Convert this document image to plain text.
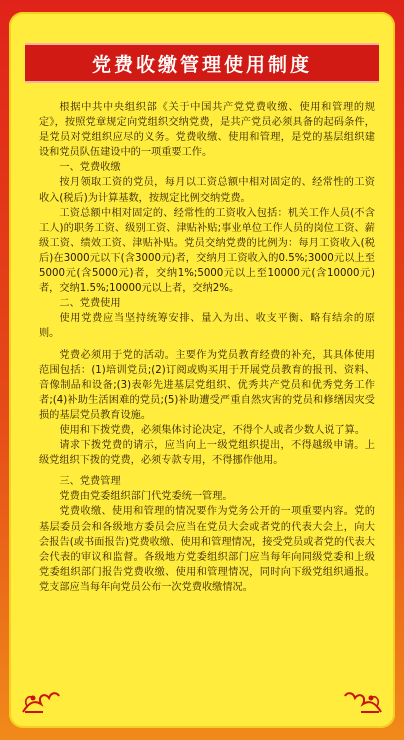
党费收缴管理使用制度

根据中共中央组织部《关于中国共产党党费收缴、使用和管理的规定》，按照党章规定向党组织交纳党费，是共产党员必须具备的起码条件，是党员对党组织应尽的义务。党费收缴、使用和管理，是党的基层组织建设和党员队伍建设中的一项重要工作。

一、党费收缴

按月领取工资的党员，每月以工资总额中相对固定的、经常性的工资收入(税后)为计算基数，按规定比例交纳党费。

工资总额中相对固定的、经常性的工资收入包括：机关工作人员(不含工人)的职务工资、级别工资、津贴补贴;事业单位工作人员的岗位工资、薪级工资、绩效工资、津贴补贴。党员交纳党费的比例为：每月工资收入(税后)在3000元以下(含3000元)者，交纳月工资收入的0.5%;3000元以上至5000元(含5000元)者，交纳1%;5000元以上至10000元(含10000元)者，交纳1.5%;10000元以上者，交纳2%。

二、党费使用

使用党费应当坚持统筹安排、量入为出、收支平衡、略有结余的原则。

党费必须用于党的活动。主要作为党员教育经费的补充，其具体使用范围包括：(1)培训党员;(2)订阅或购买用于开展党员教育的报刊、资料、音像制品和设备;(3)表彰先进基层党组织、优秀共产党员和优秀党务工作者;(4)补助生活困难的党员;(5)补助遭受严重自然灾害的党员和修缮因灾受损的基层党员教育设施。

使用和下拨党费，必须集体讨论决定，不得个人或者少数人说了算。

请求下拨党费的请示，应当向上一级党组织提出，不得越级申请。上级党组织下拨的党费，必须专款专用，不得挪作他用。

三、党费管理

党费由党委组织部门代党委统一管理。

党费收缴、使用和管理的情况要作为党务公开的一项重要内容。党的基层委员会和各级地方委员会应当在党员大会或者党的代表大会上，向大会报告(或书面报告)党费收缴、使用和管理情况，接受党员或者党的代表大会代表的审议和监督。各级地方党委组织部门应当每年向同级党委和上级党委组织部门报告党费收缴、使用和管理情况，同时向下级党组织通报。党支部应当每年向党员公布一次党费收缴情况。
